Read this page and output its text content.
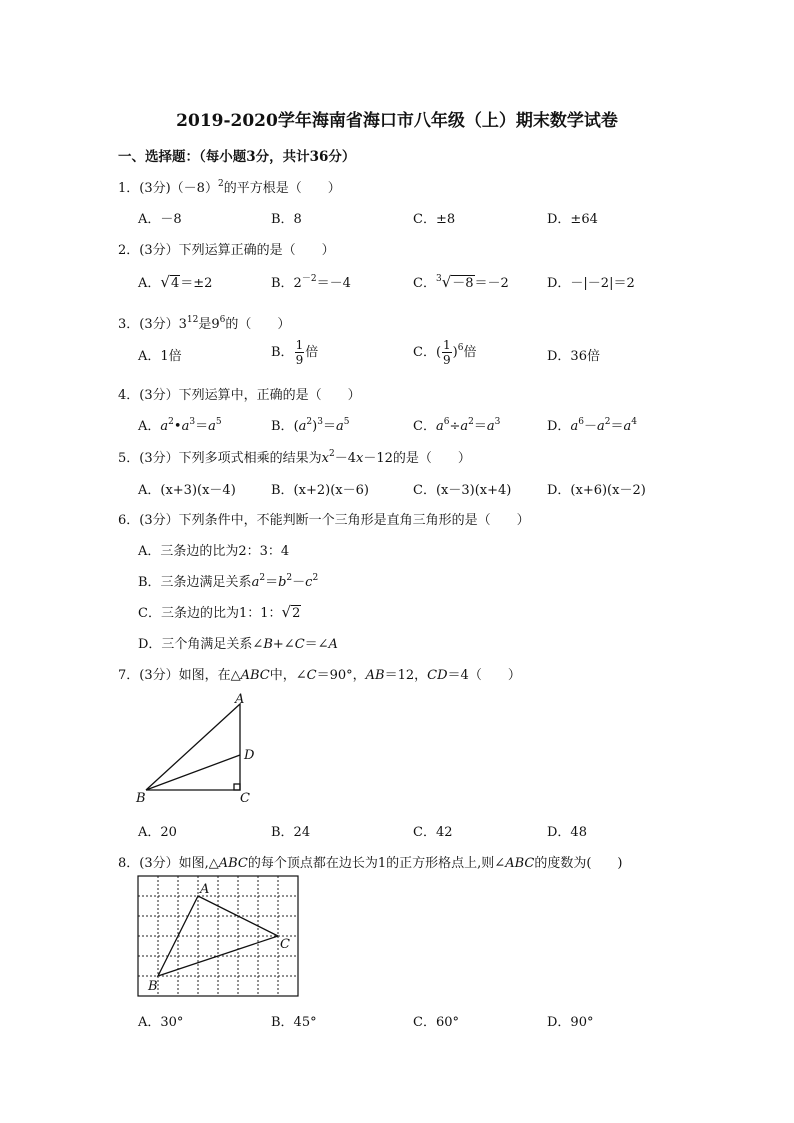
2019-2020学年海南省海口市八年级（上）期末数学试卷
一、选择题：（每小题3分，共计36分）
1．(3分)$(-8)^2$的平方根是（　　）
A．－8	B．8	C．±8	D．±64
2．(3分）下列运算正确的是（　　）
A．√4＝±2	B．$2^{-2}=-4$	C．$^3$√－8＝－2	D．－|－2|＝2
3．(3分）$3^{12}$是$9^6$的（　　）
A．1倍	B． $\frac{1}{9}$ 倍	C．( $\frac{1}{9} )^6$倍	D．36倍
4．(3分）下列运算中，正确的是（　　）
A．$a^2•a^3=a^5$	B．$(a^2)^3=a^5$	C．$a^6\div a^2=a^3$	D．$a^6-a^2=a^4$
5．(3分）下列多项式相乘的结果为$x^2-4x-12$的是（　　）
A．(x+3)(x－4)	B．(x+2)(x－6)	C．(x－3)(x+4)	D．(x+6)(x－2)
6．(3分）下列条件中，不能判断一个三角形是直角三角形的是（　　）
A．三条边的比为2：3：4
B．三条边满足关系$a^2=b^2-c^2$
C．三条边的比为1：1：√2
D．三个角满足关系∠B+∠C＝∠A
7．(3分）如图，在△ABC中，∠C＝90°，AB＝12，CD＝4（　　）
A
D
B	C
A．20	B．24	C．42	D．48
8．(3分）如图,△ABC的每个顶点都在边长为1的正方形格点上,则∠ABC的度数为(　　)
A
C
B
A．30°	B．45°	C．60°	D．90°
